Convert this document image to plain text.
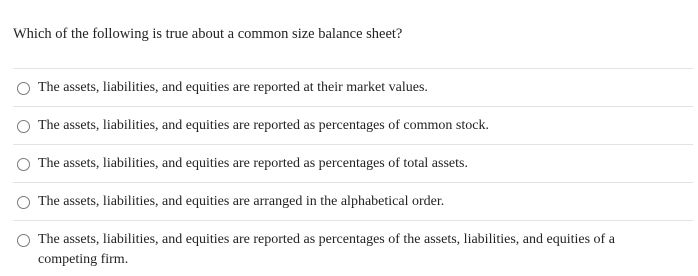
Which of the following is true about a common size balance sheet?
The assets, liabilities, and equities are reported at their market values.
The assets, liabilities, and equities are reported as percentages of common stock.
The assets, liabilities, and equities are reported as percentages of total assets.
The assets, liabilities, and equities are arranged in the alphabetical order.
The assets, liabilities, and equities are reported as percentages of the assets, liabilities, and equities of a competing firm.
